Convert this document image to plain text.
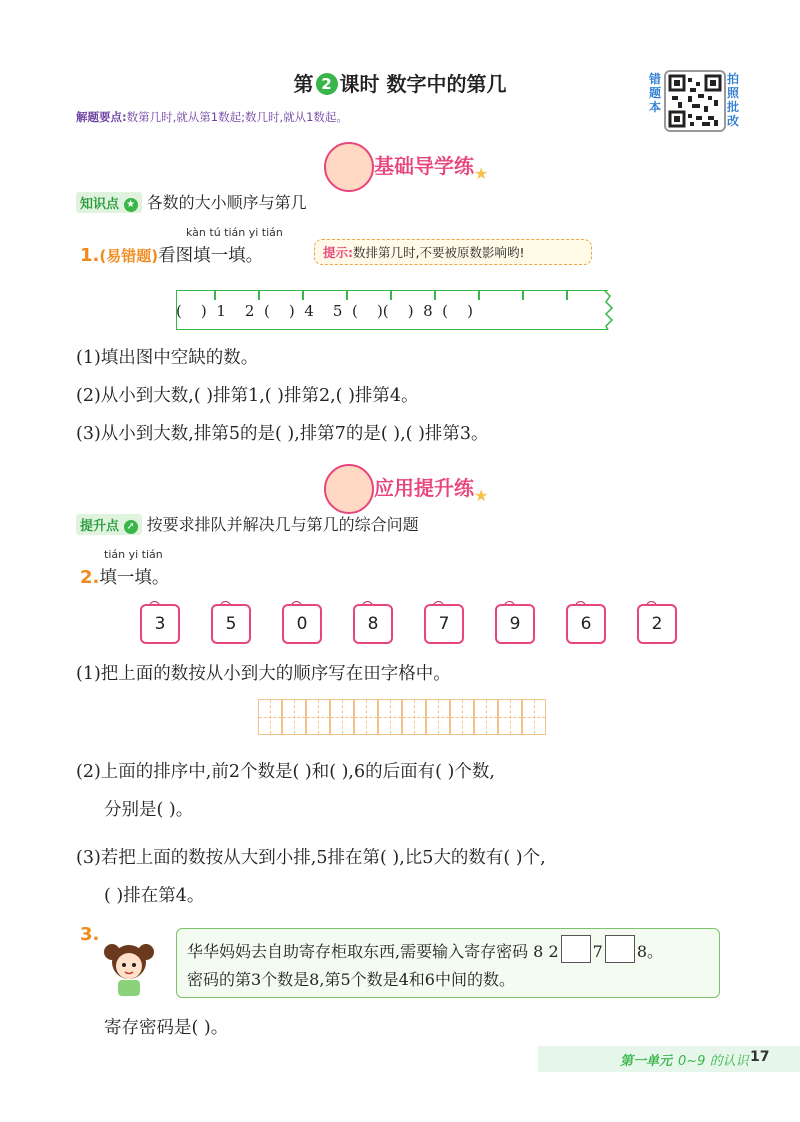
第 2 课时 数字中的第几	错题本
拍照批改
解题要点:数第几时,就从第1数起;数几时,就从1数起。
基础导学练 ★
知识点 ★ 各数的大小顺序与第几
kàn tú tián yi tián
1.(易错题)看图填一填。	提示:数排第几时,不要被原数影响哟!
(    )  1    2  (    )  4    5  (    )(    )  8  (    )
(1)填出图中空缺的数。
(2)从小到大数,( )排第1,( )排第2,( )排第4。
(3)从小到大数,排第5的是( ),排第7的是( ),( )排第3。
应用提升练 ★
提升点 ➚ 按要求排队并解决几与第几的综合问题
tián yi tián
2.填一填。
3	5	0	8	7	9	6	2
(1)把上面的数按从小到大的顺序写在田字格中。
(2)上面的排序中,前2个数是( )和( ),6的后面有( )个数,
分别是( )。
(3)若把上面的数按从大到小排,5排在第( ),比5大的数有( )个,
( )排在第4。
3.
华华妈妈去自助寄存柜取东西,需要输入寄存密码 8 2 7 8。
密码的第3个数是8,第5个数是4和6中间的数。
寄存密码是( )。
第一单元 0~9 的认识 17
